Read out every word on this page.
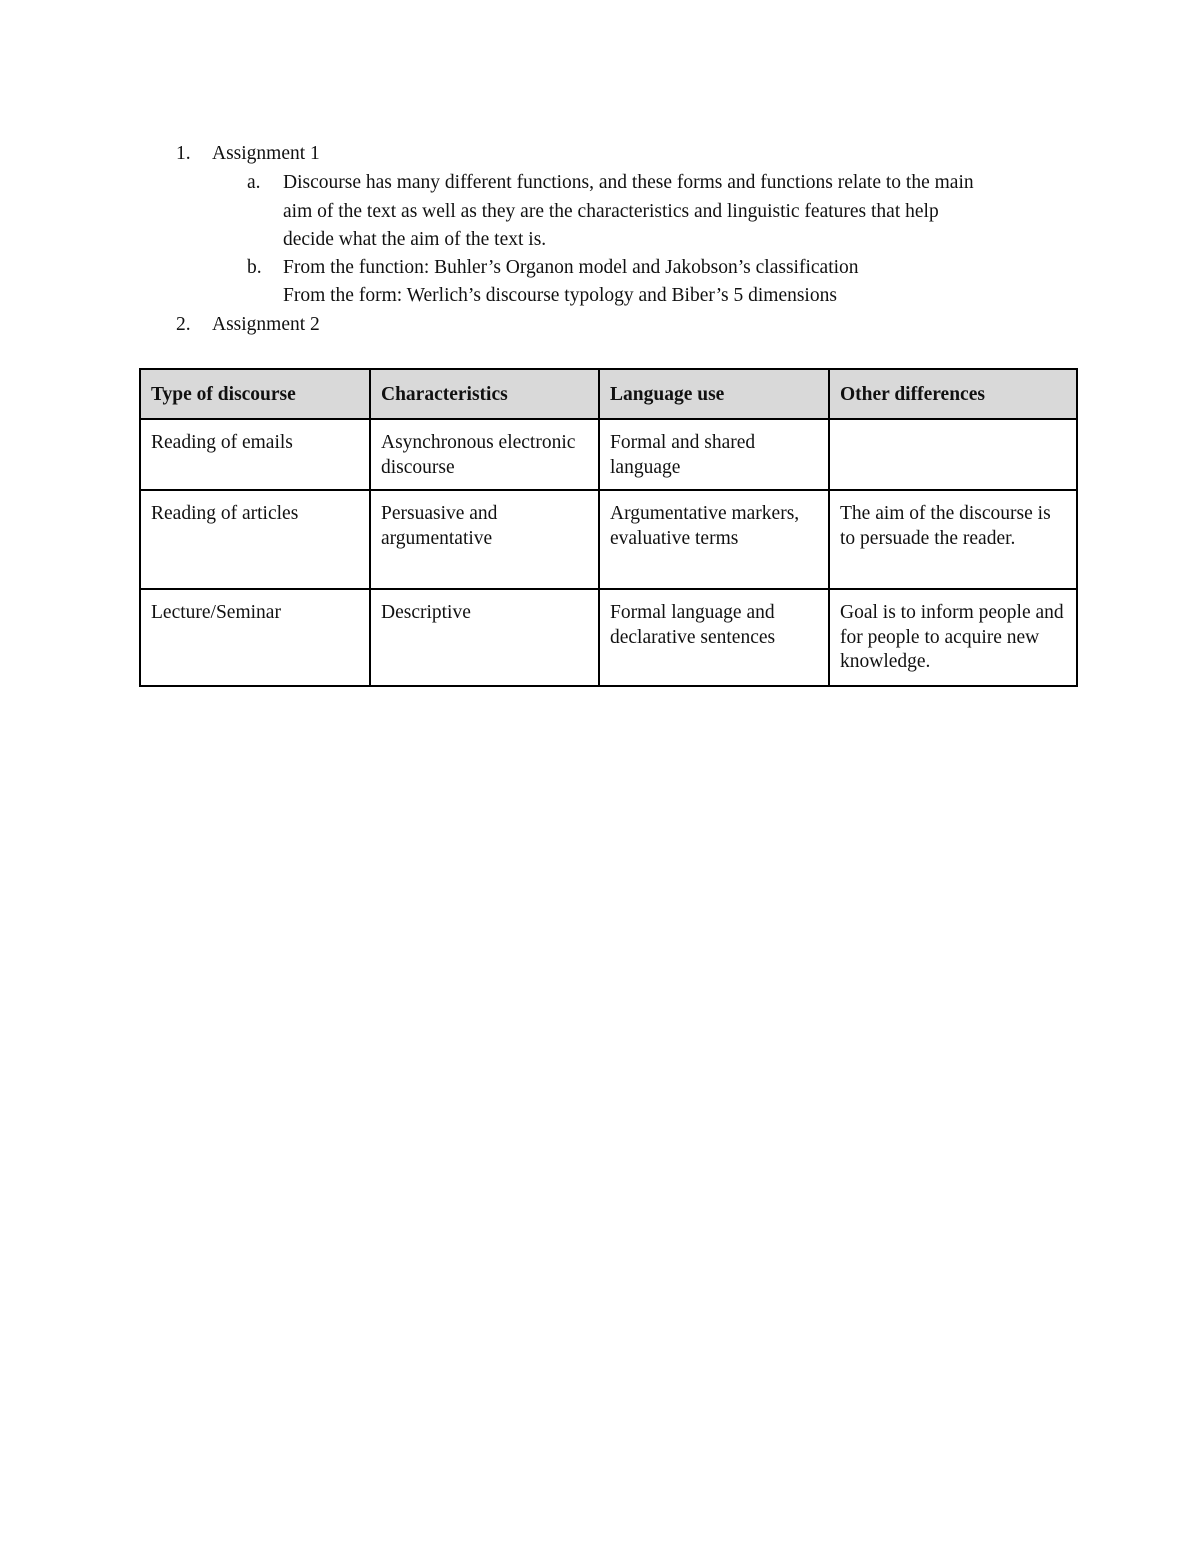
1. Assignment 1
a. Discourse has many different functions, and these forms and functions relate to the main
aim of the text as well as they are the characteristics and linguistic features that help
decide what the aim of the text is.
b. From the function: Buhler’s Organon model and Jakobson’s classification
From the form: Werlich’s discourse typology and Biber’s 5 dimensions
2. Assignment 2
Type of discourse	Characteristics	Language use	Other differences
Reading of emails	Asynchronous electronic discourse	Formal and shared language	
Reading of articles	Persuasive and argumentative	Argumentative markers, evaluative terms	The aim of the discourse is to persuade the reader.
Lecture/Seminar	Descriptive	Formal language and declarative sentences	Goal is to inform people and for people to acquire new knowledge.
